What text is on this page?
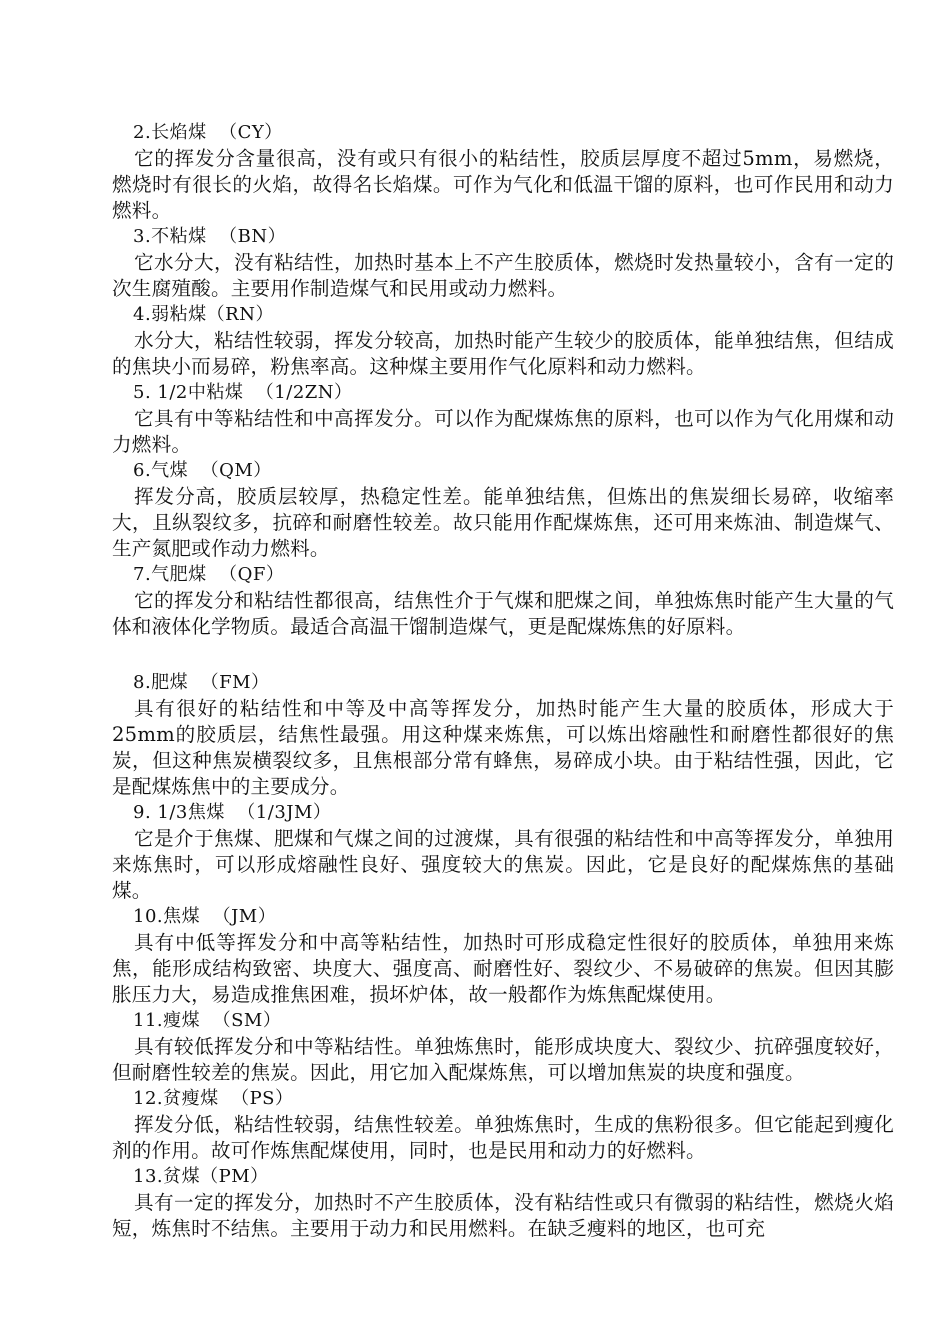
2.长焰煤  （CY）

它的挥发分含量很高，没有或只有很小的粘结性，胶质层厚度不超过5mm，易燃烧，燃烧时有很长的火焰，故得名长焰煤。可作为气化和低温干馏的原料，也可作民用和动力燃料。

3.不粘煤  （BN）

它水分大，没有粘结性，加热时基本上不产生胶质体，燃烧时发热量较小，含有一定的次生腐殖酸。主要用作制造煤气和民用或动力燃料。

4.弱粘煤（RN）

水分大，粘结性较弱，挥发分较高，加热时能产生较少的胶质体，能单独结焦，但结成的焦块小而易碎，粉焦率高。这种煤主要用作气化原料和动力燃料。

5. 1/2中粘煤  （1/2ZN）

它具有中等粘结性和中高挥发分。可以作为配煤炼焦的原料，也可以作为气化用煤和动力燃料。

6.气煤  （QM）

挥发分高，胶质层较厚，热稳定性差。能单独结焦，但炼出的焦炭细长易碎，收缩率大，且纵裂纹多，抗碎和耐磨性较差。故只能用作配煤炼焦，还可用来炼油、制造煤气、生产氮肥或作动力燃料。

7.气肥煤  （QF）

它的挥发分和粘结性都很高，结焦性介于气煤和肥煤之间，单独炼焦时能产生大量的气体和液体化学物质。最适合高温干馏制造煤气，更是配煤炼焦的好原料。

8.肥煤  （FM）

具有很好的粘结性和中等及中高等挥发分，加热时能产生大量的胶质体，形成大于25mm的胶质层，结焦性最强。用这种煤来炼焦，可以炼出熔融性和耐磨性都很好的焦炭，但这种焦炭横裂纹多，且焦根部分常有蜂焦，易碎成小块。由于粘结性强，因此，它是配煤炼焦中的主要成分。

9. 1/3焦煤  （1/3JM）

它是介于焦煤、肥煤和气煤之间的过渡煤，具有很强的粘结性和中高等挥发分，单独用来炼焦时，可以形成熔融性良好、强度较大的焦炭。因此，它是良好的配煤炼焦的基础煤。

10.焦煤  （JM）

具有中低等挥发分和中高等粘结性，加热时可形成稳定性很好的胶质体，单独用来炼焦，能形成结构致密、块度大、强度高、耐磨性好、裂纹少、不易破碎的焦炭。但因其膨胀压力大，易造成推焦困难，损坏炉体，故一般都作为炼焦配煤使用。

11.瘦煤  （SM）

具有较低挥发分和中等粘结性。单独炼焦时，能形成块度大、裂纹少、抗碎强度较好，但耐磨性较差的焦炭。因此，用它加入配煤炼焦，可以增加焦炭的块度和强度。

12.贫瘦煤  （PS）

挥发分低，粘结性较弱，结焦性较差。单独炼焦时，生成的焦粉很多。但它能起到瘦化剂的作用。故可作炼焦配煤使用，同时，也是民用和动力的好燃料。

13.贫煤（PM）

具有一定的挥发分，加热时不产生胶质体，没有粘结性或只有微弱的粘结性，燃烧火焰短，炼焦时不结焦。主要用于动力和民用燃料。在缺乏瘦料的地区，也可充
